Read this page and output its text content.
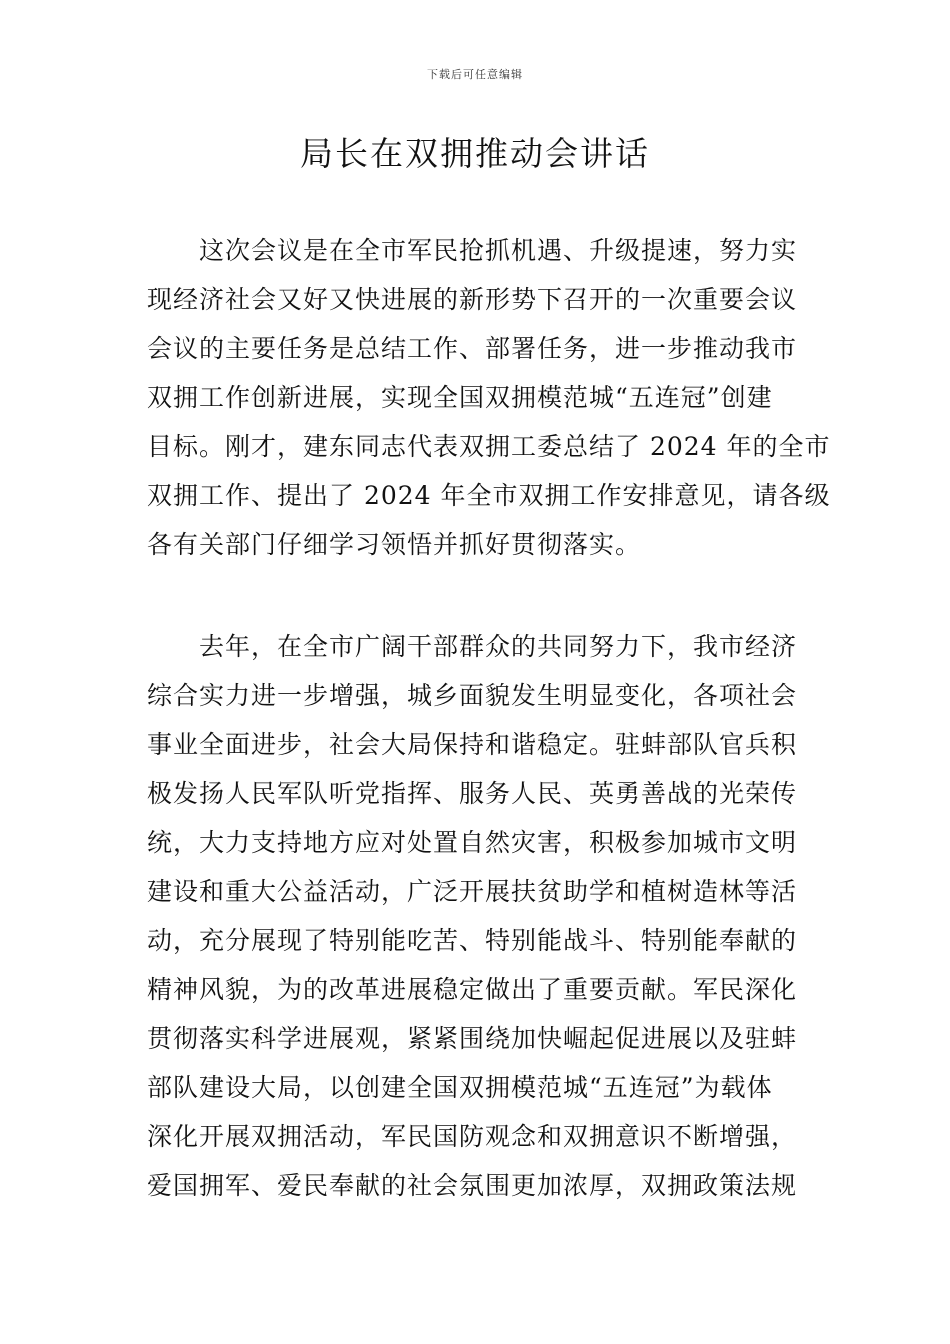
下载后可任意编辑
局长在双拥推动会讲话
这次会议是在全市军民抢抓机遇、升级提速，努力实
现经济社会又好又快进展的新形势下召开的一次重要会议
会议的主要任务是总结工作、部署任务，进一步推动我市
双拥工作创新进展，实现全国双拥模范城“五连冠”创建
目标。刚才，建东同志代表双拥工委总结了 2024 年的全市
双拥工作、提出了 2024 年全市双拥工作安排意见，请各级
各有关部门仔细学习领悟并抓好贯彻落实。
去年，在全市广阔干部群众的共同努力下，我市经济
综合实力进一步增强，城乡面貌发生明显变化，各项社会
事业全面进步，社会大局保持和谐稳定。驻蚌部队官兵积
极发扬人民军队听党指挥、服务人民、英勇善战的光荣传
统，大力支持地方应对处置自然灾害，积极参加城市文明
建设和重大公益活动，广泛开展扶贫助学和植树造林等活
动，充分展现了特别能吃苦、特别能战斗、特别能奉献的
精神风貌，为的改革进展稳定做出了重要贡献。军民深化
贯彻落实科学进展观，紧紧围绕加快崛起促进展以及驻蚌
部队建设大局，以创建全国双拥模范城“五连冠”为载体
深化开展双拥活动，军民国防观念和双拥意识不断增强，
爱国拥军、爱民奉献的社会氛围更加浓厚，双拥政策法规
